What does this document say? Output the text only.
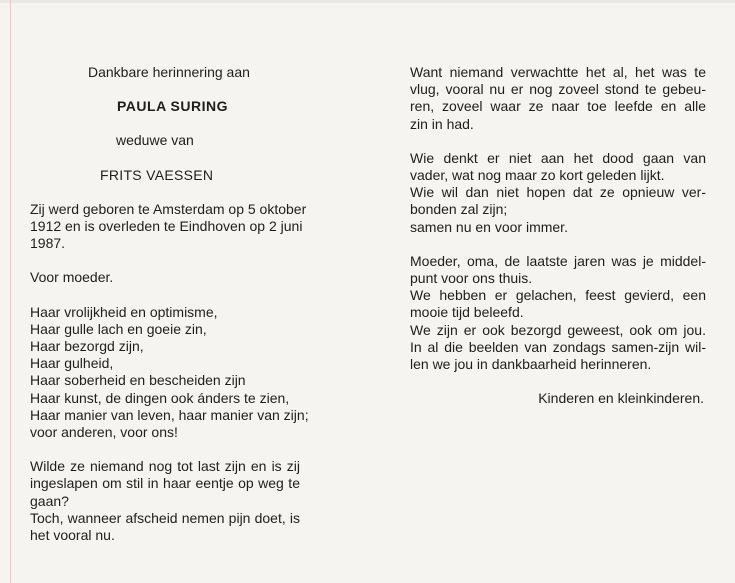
Dankbare herinnering aan
PAULA SURING
weduwe van
FRITS VAESSEN
Zij werd geboren te Amsterdam op 5 oktober
1912 en is overleden te Eindhoven op 2 juni
1987.
Voor moeder.
Haar vrolijkheid en optimisme,
Haar gulle lach en goeie zin,
Haar bezorgd zijn,
Haar gulheid,
Haar soberheid en bescheiden zijn
Haar kunst, de dingen ook ánders te zien,
Haar manier van leven, haar manier van zijn;
voor anderen, voor ons!
Wilde ze niemand nog tot last zijn en is zij
ingeslapen om stil in haar eentje op weg te
gaan?
Toch, wanneer afscheid nemen pijn doet, is
het vooral nu.
Want niemand verwachtte het al, het was te
vlug, vooral nu er nog zoveel stond te gebeu-
ren, zoveel waar ze naar toe leefde en alle
zin in had.
Wie denkt er niet aan het dood gaan van
vader, wat nog maar zo kort geleden lijkt.
Wie wil dan niet hopen dat ze opnieuw ver-
bonden zal zijn;
samen nu en voor immer.
Moeder, oma, de laatste jaren was je middel-
punt voor ons thuis.
We hebben er gelachen, feest gevierd, een
mooie tijd beleefd.
We zijn er ook bezorgd geweest, ook om jou.
In al die beelden van zondags samen-zijn wil-
len we jou in dankbaarheid herinneren.
Kinderen en kleinkinderen.
